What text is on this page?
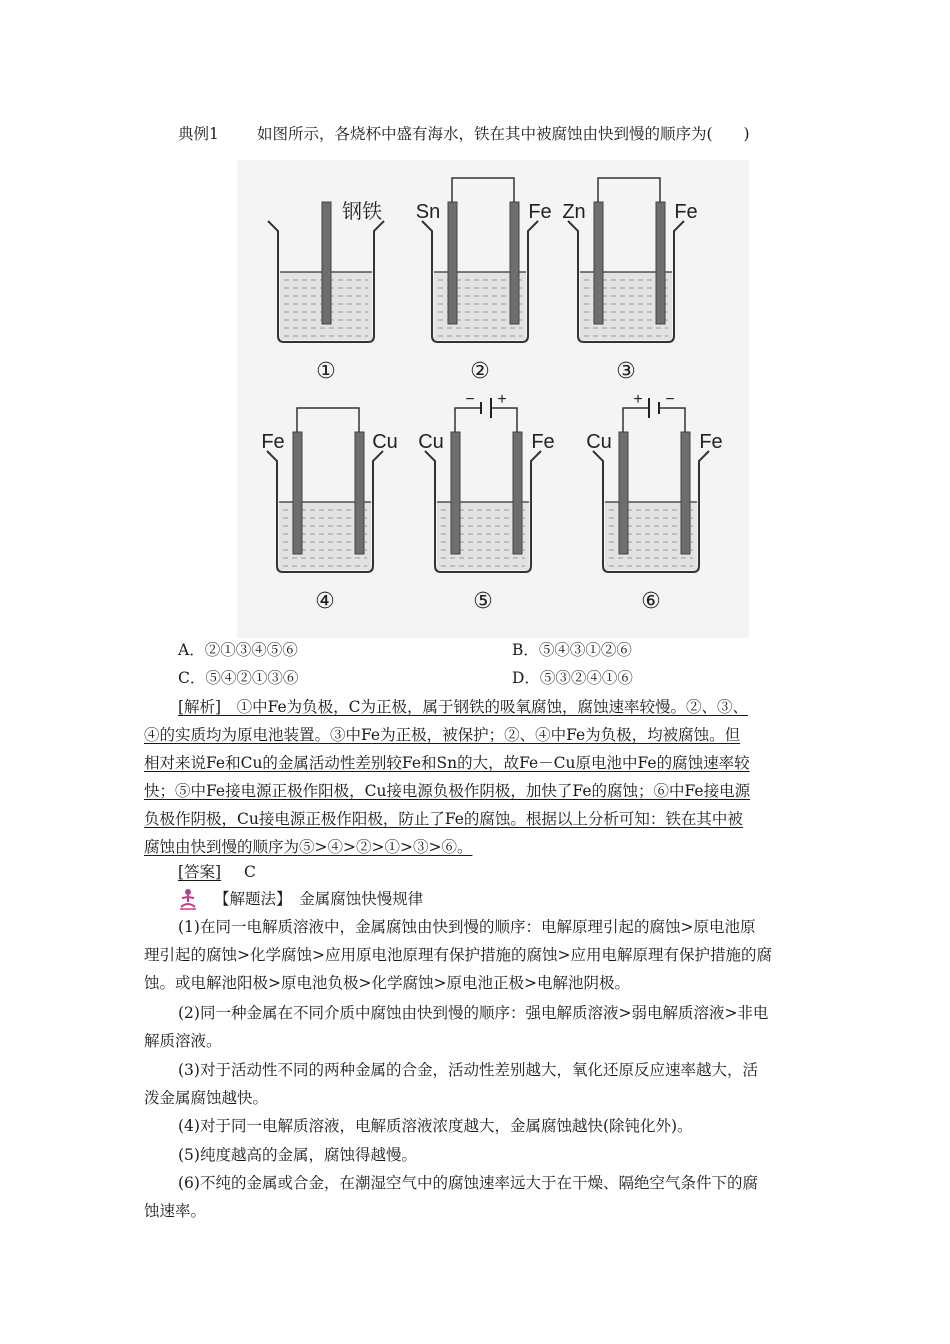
典例1 如图所示，各烧杯中盛有海水，铁在其中被腐蚀由快到慢的顺序为(　　)
①
钢铁
②
Sn	Fe
③
Zn	Fe
④
Fe	Cu
⑤
− +
Cu	Fe
⑥
+ −
Cu	Fe
A．②①③④⑤⑥	B．⑤④③①②⑥
C．⑤④②①③⑥	D．⑤③②④①⑥
[解析]　①中Fe为负极，C为正极，属于钢铁的吸氧腐蚀，腐蚀速率较慢。②、③、
④的实质均为原电池装置。③中Fe为正极，被保护；②、④中Fe为负极，均被腐蚀。但
相对来说Fe和Cu的金属活动性差别较Fe和Sn的大，故Fe－Cu原电池中Fe的腐蚀速率较
快；⑤中Fe接电源正极作阳极，Cu接电源负极作阴极，加快了Fe的腐蚀；⑥中Fe接电源
负极作阴极，Cu接电源正极作阳极，防止了Fe的腐蚀。根据以上分析可知：铁在其中被
腐蚀由快到慢的顺序为⑤>④>②>①>③>⑥。
[答案] C
【解题法】　金属腐蚀快慢规律
(1)在同一电解质溶液中，金属腐蚀由快到慢的顺序：电解原理引起的腐蚀>原电池原
理引起的腐蚀>化学腐蚀>应用原电池原理有保护措施的腐蚀>应用电解原理有保护措施的腐
蚀。或电解池阳极>原电池负极>化学腐蚀>原电池正极>电解池阴极。
(2)同一种金属在不同介质中腐蚀由快到慢的顺序：强电解质溶液>弱电解质溶液>非电
解质溶液。
(3)对于活动性不同的两种金属的合金，活动性差别越大，氧化还原反应速率越大，活
泼金属腐蚀越快。
(4)对于同一电解质溶液，电解质溶液浓度越大，金属腐蚀越快(除钝化外)。
(5)纯度越高的金属，腐蚀得越慢。
(6)不纯的金属或合金，在潮湿空气中的腐蚀速率远大于在干燥、隔绝空气条件下的腐
蚀速率。
